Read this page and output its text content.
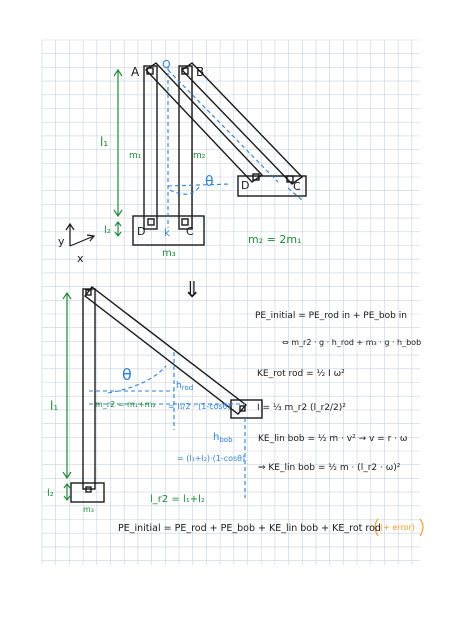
A	B
O
D k C
D	C
θ
l₁
l₂
m₁	m₂
m₃
m₂ = 2m₁
y
x
⇓
θ
$h_{rod}$
= l₁/2 · (1-cosθ)
$h_{bob}$
= (l₁+l₂)·(1-cosθ)
m_r2 = m₁+m₂
l₁
l₂
m₃
l_r2 = l₁+l₂
PE_initial = PE_rod in + PE_bob in
⇔ m_r2 · g · h_rod + m₃ · g · h_bob
KE_rot rod = ½ I ω²
I = ⅓ m_r2 (l_r2/2)²
KE_lin bob = ½ m · v² → v = r · ω
⇒ KE_lin bob = ½ m · (l_r2 · ω)²
PE_initial = PE_rod + PE_bob + KE_lin bob + KE_rot rod (+ error)
